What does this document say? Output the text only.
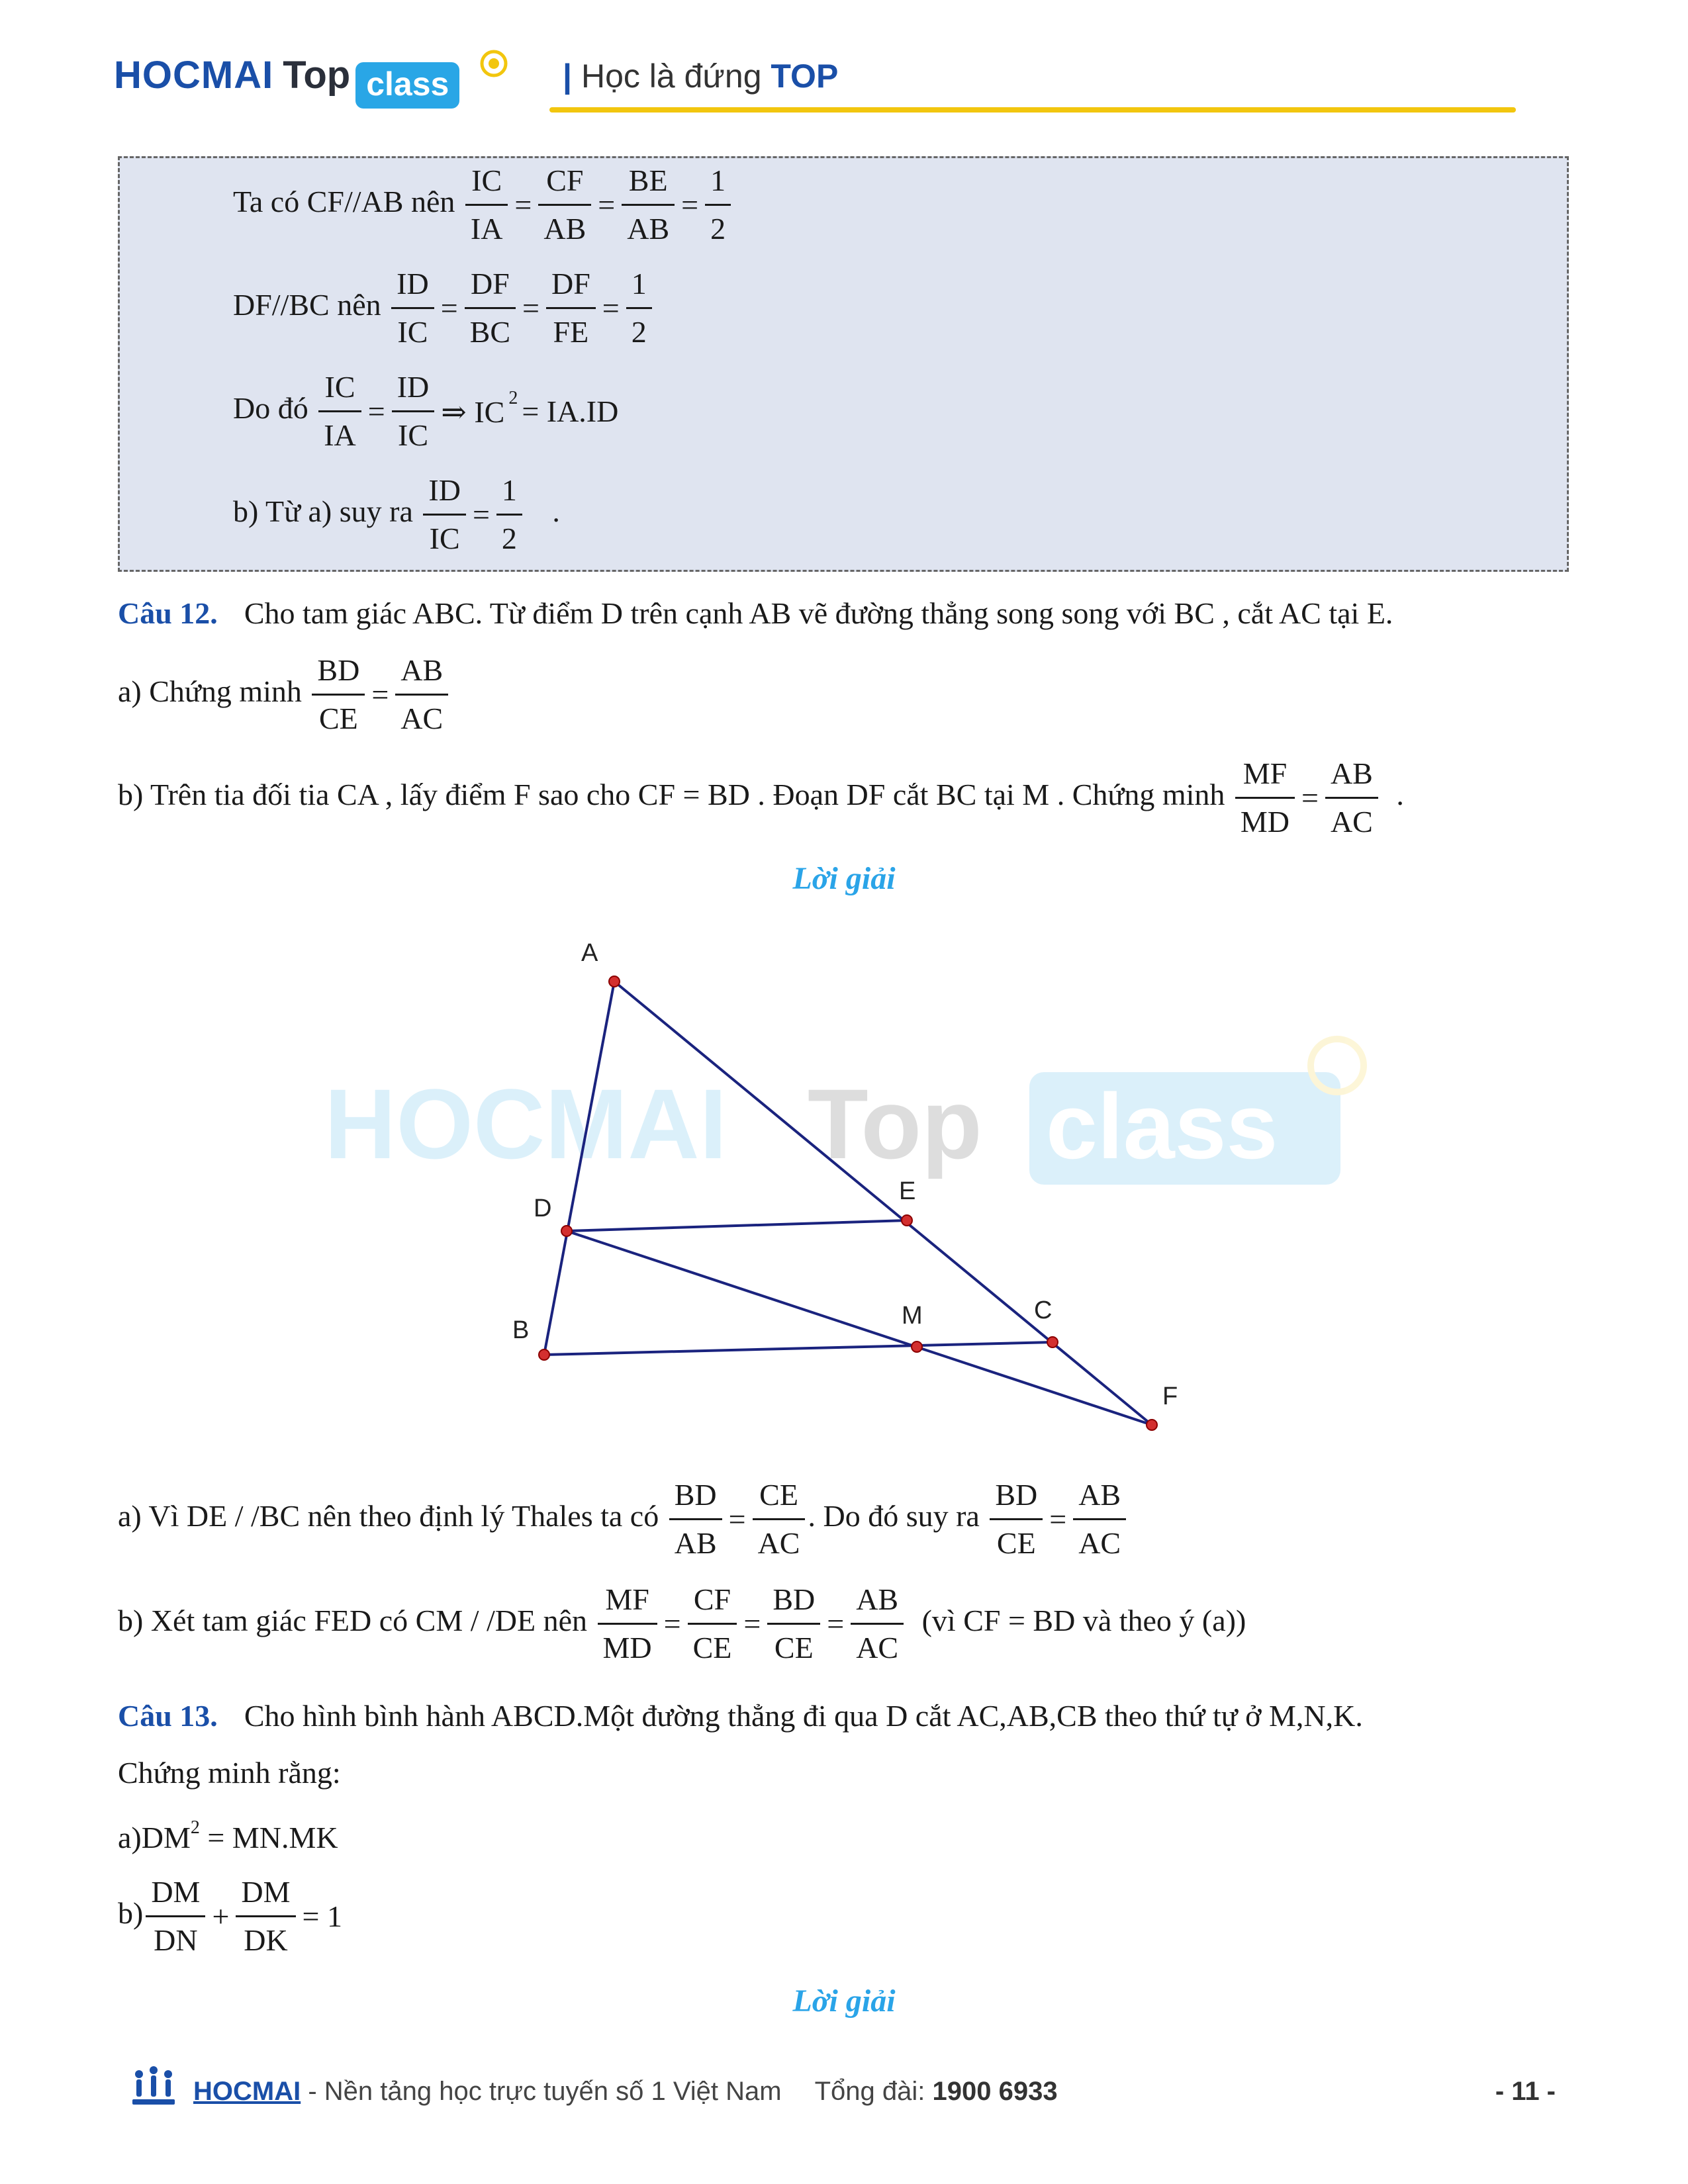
HOCMAI Top class	| Học là đứng TOP
Ta có CF//AB nên $\frac{IC}{IA} = \frac{CF}{AB} = \frac{BE}{AB} = \frac{1}{2}$
DF//BC nên $\frac{ID}{IC} = \frac{DF}{BC} = \frac{DF}{FE} = \frac{1}{2}$
Do đó $\frac{IC}{IA} = \frac{ID}{IC}$ ⇒ IC $^2$= IA.ID
b) Từ a) suy ra $\frac{ID}{IC} = \frac{1}{2}$ .
Câu 12. Cho tam giác ABC. Từ điểm D trên cạnh AB vẽ đường thẳng song song với BC , cắt AC tại E.
a) Chứng minh $\frac{BD}{CE} = \frac{AB}{AC}$
b) Trên tia đối tia CA , lấy điểm F sao cho CF = BD . Đoạn DF cắt BC tại M . Chứng minh $\frac{MF}{MD} = \frac{AB}{AC}$ .
Lời giải
HOCMAI Top class
A
D
E
B
M	C
F
a) Vì DE / /BC nên theo định lý Thales ta có $\frac{BD}{AB} = \frac{CE}{AC}$ . Do đó suy ra $\frac{BD}{CE} = \frac{AB}{AC}$
b) Xét tam giác FED có CM / /DE nên $\frac{MF}{MD} = \frac{CF}{CE} = \frac{BD}{CE} = \frac{AB}{AC}$ (vì CF = BD và theo ý (a))
Câu 13. Cho hình bình hành ABCD.Một đường thẳng đi qua D cắt AC,AB,CB theo thứ tự ở M,N,K.
Chứng minh rằng:
$a)DM^2 = MN.MK$
$b) \frac{DM}{DN} + \frac{DM}{DK} = 1$
Lời giải
HOCMAI - Nền tảng học trực tuyến số 1 Việt Nam Tổng đài: 1900 6933	- 11 -
